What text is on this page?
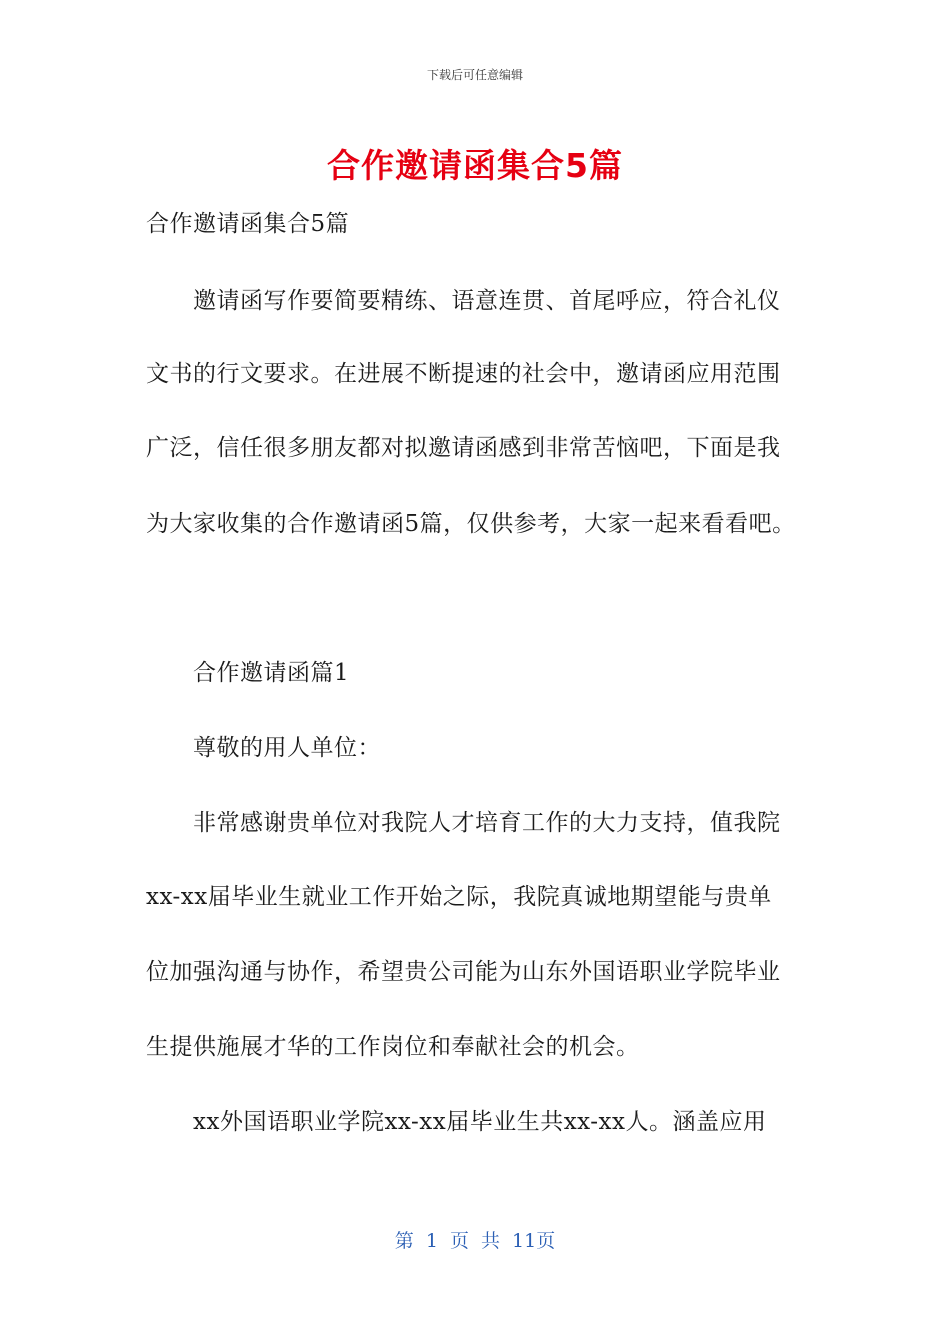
下载后可任意编辑
合作邀请函集合5篇
合作邀请函集合5篇
邀请函写作要简要精练、语意连贯、首尾呼应，符合礼仪
文书的行文要求。在进展不断提速的社会中，邀请函应用范围
广泛，信任很多朋友都对拟邀请函感到非常苦恼吧，下面是我
为大家收集的合作邀请函5篇，仅供参考，大家一起来看看吧。
合作邀请函篇1
尊敬的用人单位：
非常感谢贵单位对我院人才培育工作的大力支持，值我院
xx-xx届毕业生就业工作开始之际，我院真诚地期望能与贵单
位加强沟通与协作，希望贵公司能为山东外国语职业学院毕业
生提供施展才华的工作岗位和奉献社会的机会。
xx外国语职业学院xx-xx届毕业生共xx-xx人。涵盖应用
第 1 页 共 11页
